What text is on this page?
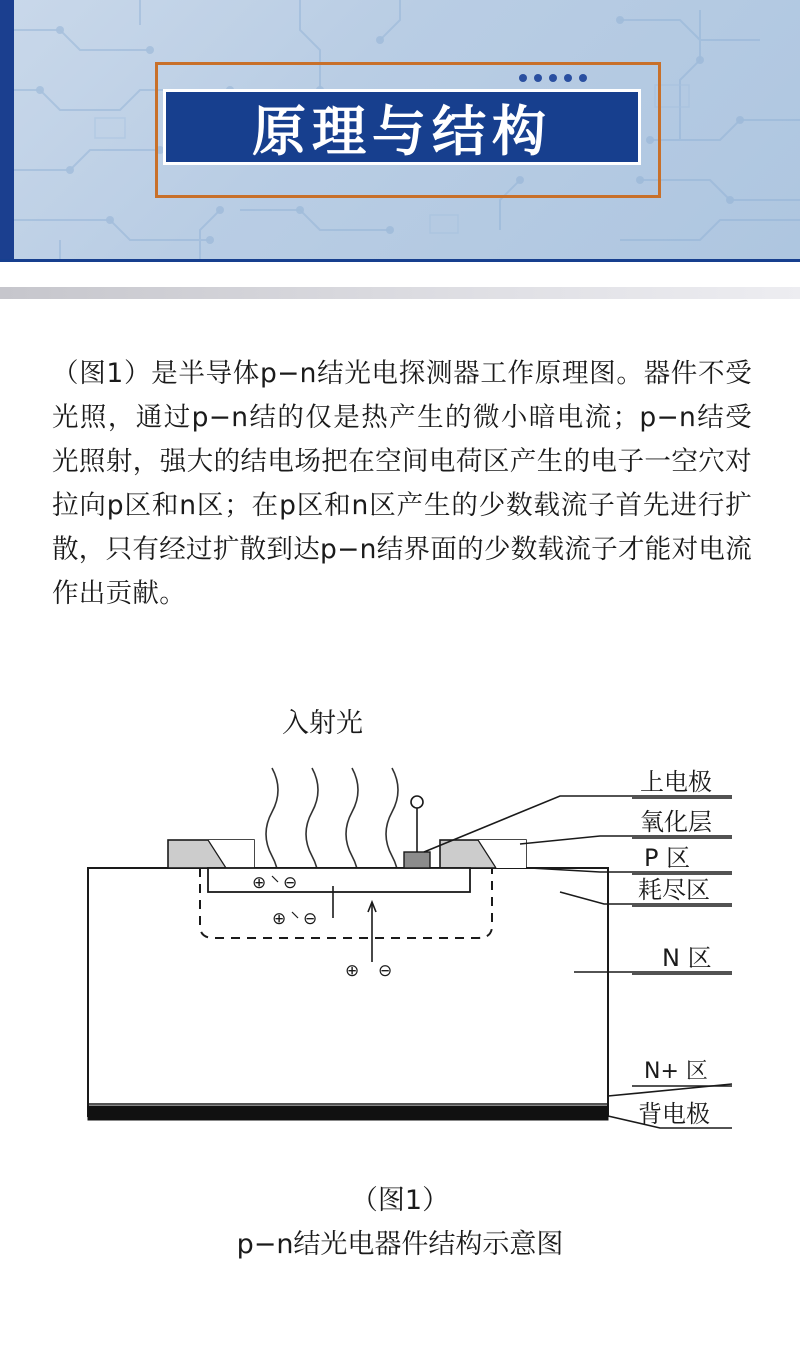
原理与结构
（图1）是半导体p−n结光电探测器工作原理图。器件不受光照，通过p−n结的仅是热产生的微小暗电流；p−n结受光照射，强大的结电场把在空间电荷区产生的电子一空穴对拉向p区和n区；在p区和n区产生的少数载流子首先进行扩散，只有经过扩散到达p−n结界面的少数载流子才能对电流作出贡献。
⊕ ⊖
⊕ ⊖
⊕ ⊖
入射光
上电极
氧化层
P 区
耗尽区
N 区
N+ 区
背电极
（图1）
p−n结光电器件结构示意图
